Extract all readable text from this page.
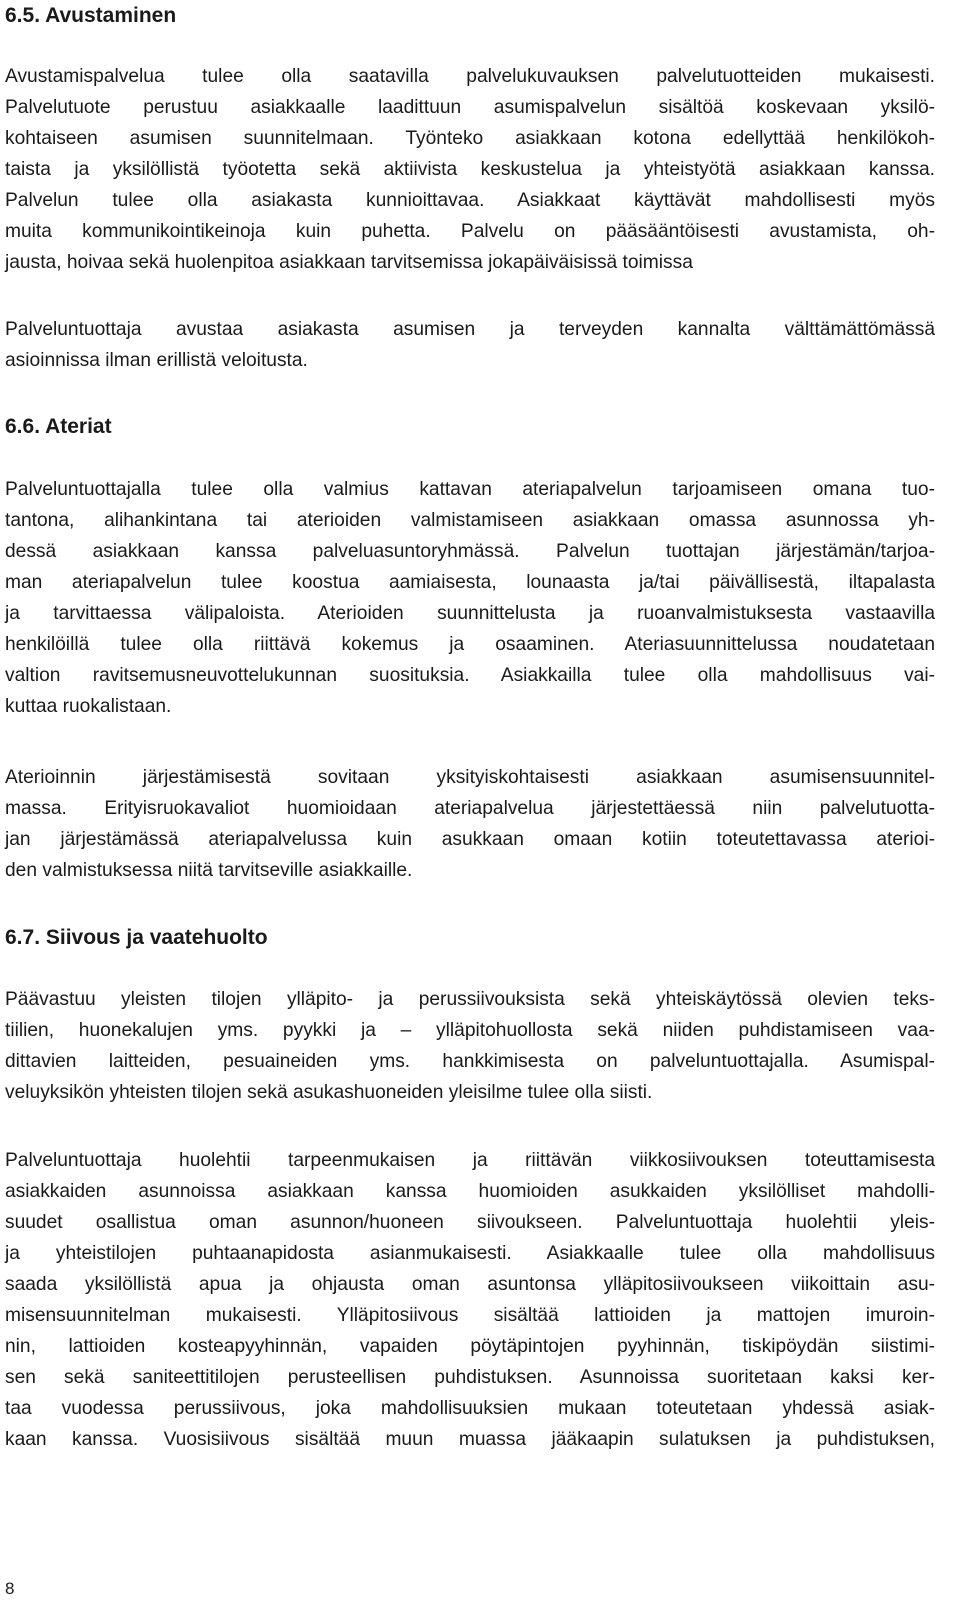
6.5. Avustaminen
Avustamispalvelua tulee olla saatavilla palvelukuvauksen palvelutuotteiden mukaisesti.
Palvelutuote perustuu asiakkaalle laadittuun asumispalvelun sisältöä koskevaan yksilö-
kohtaiseen asumisen suunnitelmaan. Työnteko asiakkaan kotona edellyttää henkilökoh-
taista ja yksilöllistä työotetta sekä aktiivista keskustelua ja yhteistyötä asiakkaan kanssa.
Palvelun tulee olla asiakasta kunnioittavaa. Asiakkaat käyttävät mahdollisesti myös
muita kommunikointikeinoja kuin puhetta. Palvelu on pääsääntöisesti avustamista, oh-
jausta, hoivaa sekä huolenpitoa asiakkaan tarvitsemissa jokapäiväisissä toimissa
Palveluntuottaja avustaa asiakasta asumisen ja terveyden kannalta välttämättömässä
asioinnissa ilman erillistä veloitusta.
6.6. Ateriat
Palveluntuottajalla tulee olla valmius kattavan ateriapalvelun tarjoamiseen omana tuo-
tantona, alihankintana tai aterioiden valmistamiseen asiakkaan omassa asunnossa yh-
dessä asiakkaan kanssa palveluasuntoryhmässä. Palvelun tuottajan järjestämän/tarjoa-
man ateriapalvelun tulee koostua aamiaisesta, lounaasta ja/tai päivällisestä, iltapalasta
ja tarvittaessa välipaloista. Aterioiden suunnittelusta ja ruoanvalmistuksesta vastaavilla
henkilöillä tulee olla riittävä kokemus ja osaaminen. Ateriasuunnittelussa noudatetaan
valtion ravitsemusneuvottelukunnan suosituksia. Asiakkailla tulee olla mahdollisuus vai-
kuttaa ruokalistaan.
Aterioinnin järjestämisestä sovitaan yksityiskohtaisesti asiakkaan asumisensuunnitel-
massa. Erityisruokavaliot huomioidaan ateriapalvelua järjestettäessä niin palvelutuotta-
jan järjestämässä ateriapalvelussa kuin asukkaan omaan kotiin toteutettavassa aterioi-
den valmistuksessa niitä tarvitseville asiakkaille.
6.7. Siivous ja vaatehuolto
Päävastuu yleisten tilojen ylläpito- ja perussiivouksista sekä yhteiskäytössä olevien teks-
tiilien, huonekalujen yms. pyykki ja – ylläpitohuollosta sekä niiden puhdistamiseen vaa-
dittavien laitteiden, pesuaineiden yms. hankkimisesta on palveluntuottajalla. Asumispal-
veluyksikön yhteisten tilojen sekä asukashuoneiden yleisilme tulee olla siisti.
Palveluntuottaja huolehtii tarpeenmukaisen ja riittävän viikkosiivouksen toteuttamisesta
asiakkaiden asunnoissa asiakkaan kanssa huomioiden asukkaiden yksilölliset mahdolli-
suudet osallistua oman asunnon/huoneen siivoukseen. Palveluntuottaja huolehtii yleis-
ja yhteistilojen puhtaanapidosta asianmukaisesti. Asiakkaalle tulee olla mahdollisuus
saada yksilöllistä apua ja ohjausta oman asuntonsa ylläpitosiivoukseen viikoittain asu-
misensuunnitelman mukaisesti. Ylläpitosiivous sisältää lattioiden ja mattojen imuroin-
nin, lattioiden kosteapyyhinnän, vapaiden pöytäpintojen pyyhinnän, tiskipöydän siistimi-
sen sekä saniteettitilojen perusteellisen puhdistuksen. Asunnoissa suoritetaan kaksi ker-
taa vuodessa perussiivous, joka mahdollisuuksien mukaan toteutetaan yhdessä asiak-
kaan kanssa. Vuosisiivous sisältää muun muassa jääkaapin sulatuksen ja puhdistuksen,
8
